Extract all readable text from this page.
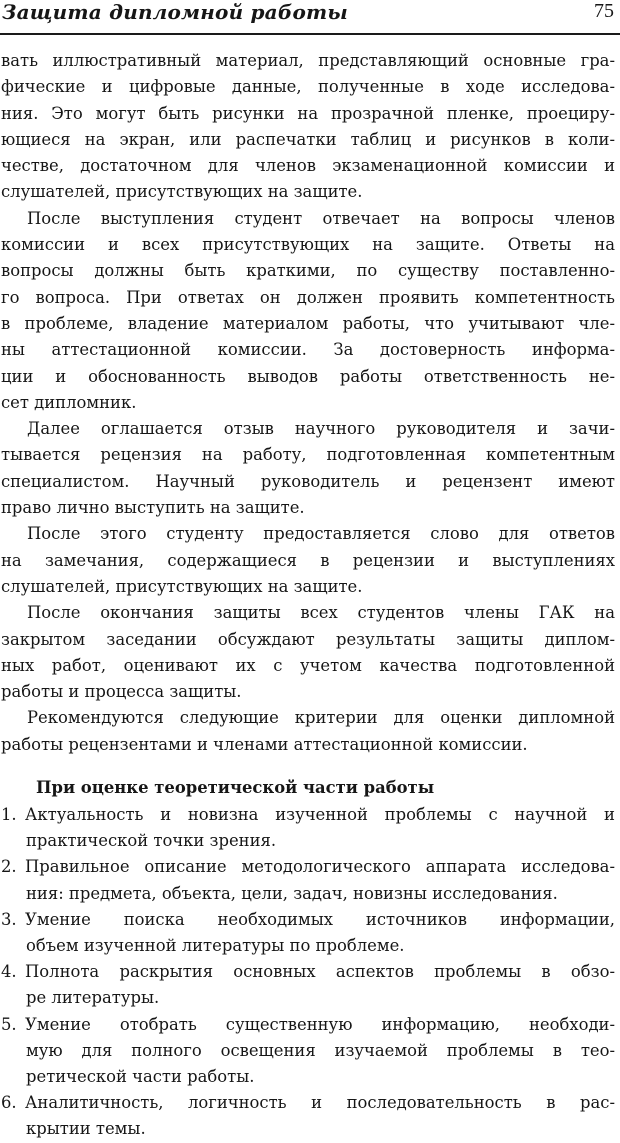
Защита дипломной работы	75
вать иллюстративный материал, представляющий основные гра-
фические и цифровые данные, полученные в ходе исследова-
ния. Это могут быть рисунки на прозрачной пленке, проециру-
ющиеся на экран, или распечатки таблиц и рисунков в коли-
честве, достаточном для членов экзаменационной комиссии и
слушателей, присутствующих на защите.
После выступления студент отвечает на вопросы членов
комиссии и всех присутствующих на защите. Ответы на
вопросы должны быть краткими, по существу поставленно-
го вопроса. При ответах он должен проявить компетентность
в проблеме, владение материалом работы, что учитывают чле-
ны аттестационной комиссии. За достоверность информа-
ции и обоснованность выводов работы ответственность не-
сет дипломник.
Далее оглашается отзыв научного руководителя и зачи-
тывается рецензия на работу, подготовленная компетентным
специалистом. Научный руководитель и рецензент имеют
право лично выступить на защите.
После этого студенту предоставляется слово для ответов
на замечания, содержащиеся в рецензии и выступлениях
слушателей, присутствующих на защите.
После окончания защиты всех студентов члены ГАК на
закрытом заседании обсуждают результаты защиты диплом-
ных работ, оценивают их с учетом качества подготовленной
работы и процесса защиты.
Рекомендуются следующие критерии для оценки дипломной
работы рецензентами и членами аттестационной комиссии.
При оценке теоретической части работы
1. Актуальность и новизна изученной проблемы с научной и
практической точки зрения.
2. Правильное описание методологического аппарата исследова-
ния: предмета, объекта, цели, задач, новизны исследования.
3. Умение поиска необходимых источников информации,
объем изученной литературы по проблеме.
4. Полнота раскрытия основных аспектов проблемы в обзо-
ре литературы.
5. Умение отобрать существенную информацию, необходи-
мую для полного освещения изучаемой проблемы в тео-
ретической части работы.
6. Аналитичность, логичность и последовательность в рас-
крытии темы.
